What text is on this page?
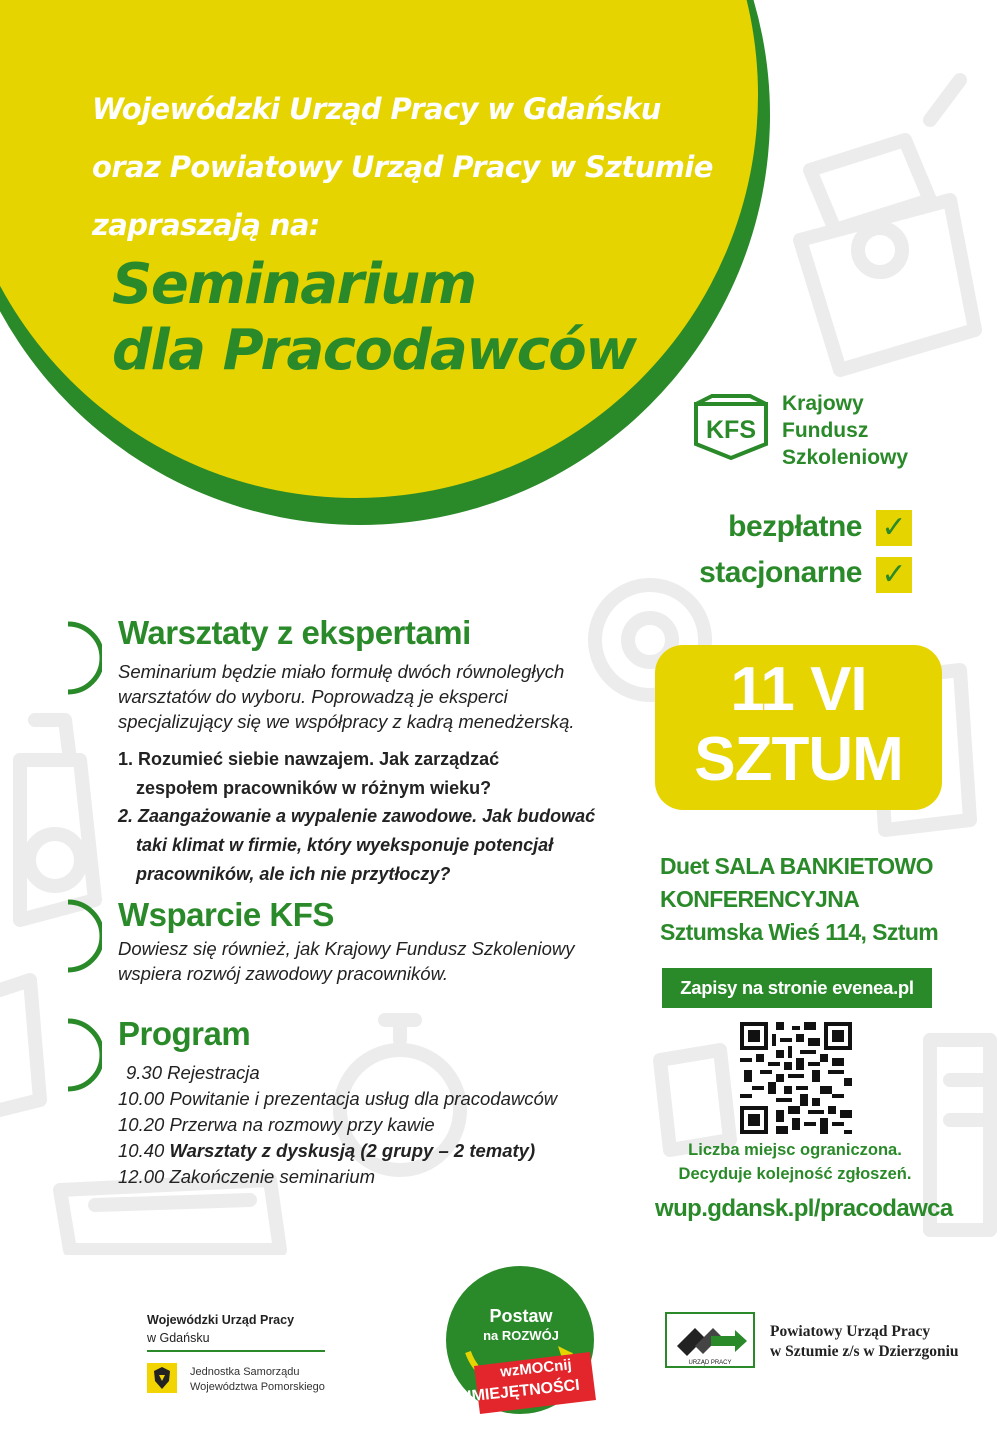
Wojewódzki Urząd Pracy w Gdańsku
oraz Powiatowy Urząd Pracy w Sztumie
zapraszają na:
Seminarium
dla Pracodawców
KFS
Krajowy
Fundusz
Szkoleniowy
bezpłatne ✓
stacjonarne ✓
Warsztaty z ekspertami
Seminarium będzie miało formułę dwóch równoległych
warsztatów do wyboru. Poprowadzą je eksperci
specjalizujący się we współpracy z kadrą menedżerską.
1. Rozumieć siebie nawzajem. Jak zarządzać
zespołem pracowników w różnym wieku?
2. Zaangażowanie a wypalenie zawodowe. Jak budować
taki klimat w firmie, który wyeksponuje potencjał
pracowników, ale ich nie przytłoczy?
Wsparcie KFS
Dowiesz się również, jak Krajowy Fundusz Szkoleniowy
wspiera rozwój zawodowy pracowników.
Program
9.30 Rejestracja
10.00 Powitanie i prezentacja usług dla pracodawców
10.20 Przerwa na rozmowy przy kawie
10.40 Warsztaty z dyskusją (2 grupy – 2 tematy)
12.00 Zakończenie seminarium
11 VI
SZTUM
Duet SALA BANKIETOWO
KONFERENCYJNA
Sztumska Wieś 114, Sztum
Zapisy na stronie evenea.pl
Liczba miejsc ograniczona.
Decyduje kolejność zgłoszeń.
wup.gdansk.pl/pracodawca
Wojewódzki Urząd Pracy
w Gdańsku
Jednostka Samorządu
Województwa Pomorskiego
Postaw
na ROZWÓJ
wzMOCnij
UMIEJĘTNOŚCI
URZĄD PRACY
Powiatowy Urząd Pracy
w Sztumie z/s w Dzierzgoniu
